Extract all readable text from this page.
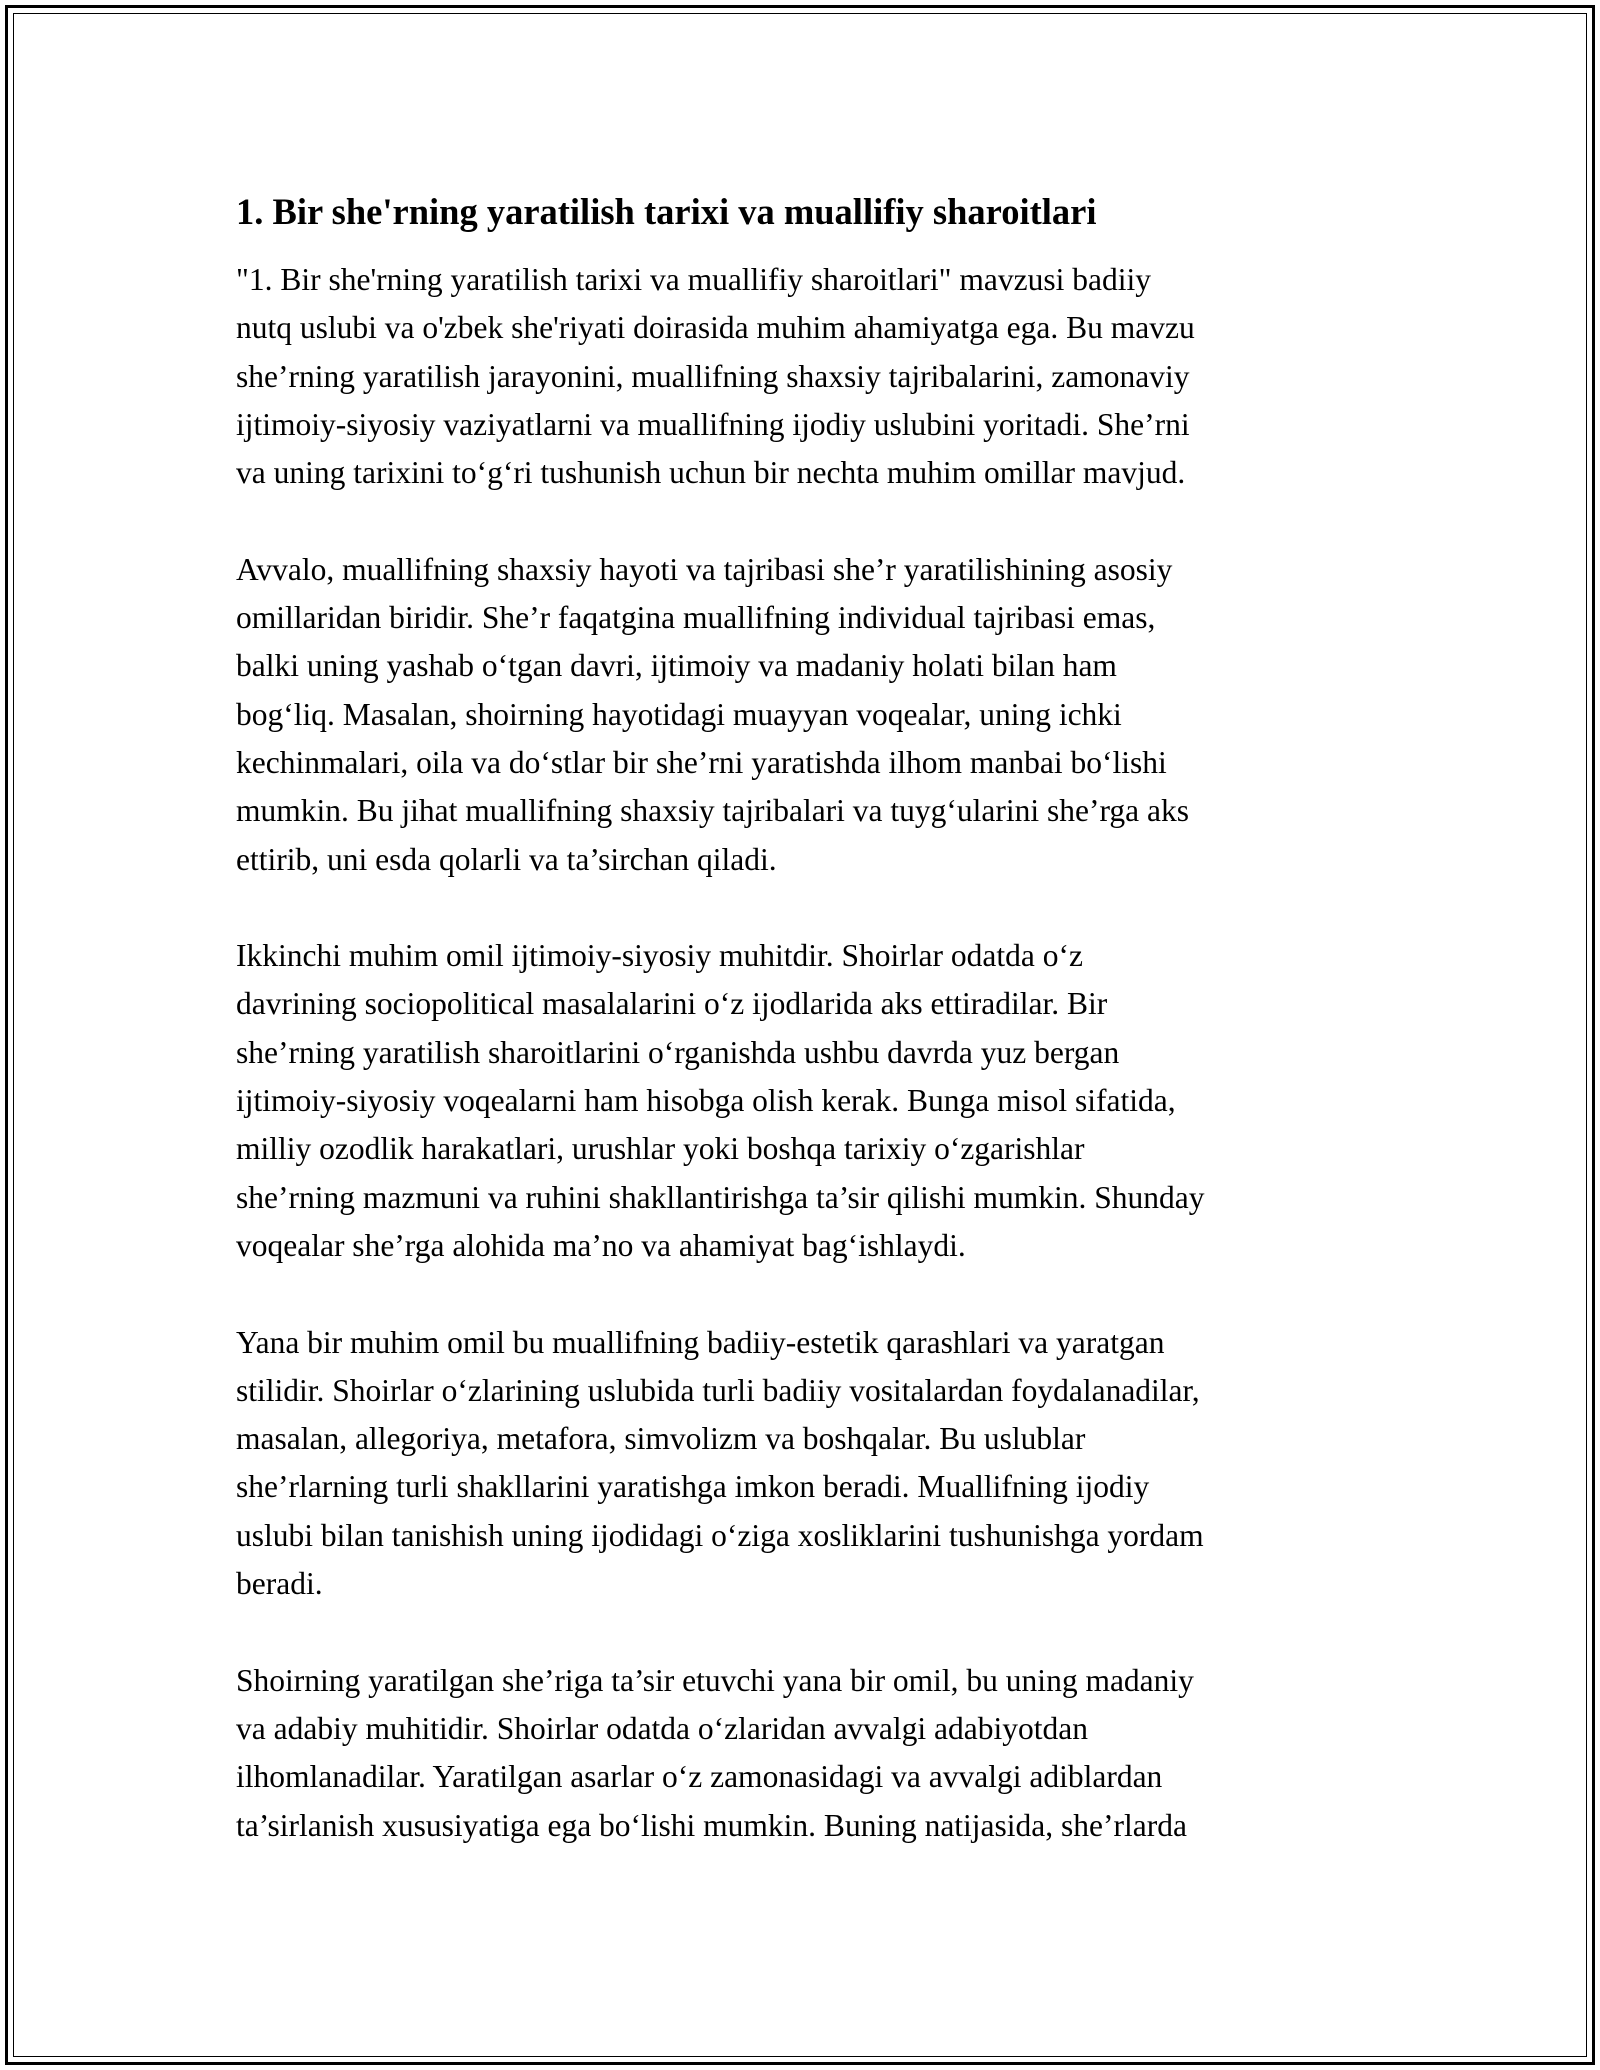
1. Bir she'rning yaratilish tarixi va muallifiy sharoitlari

"1. Bir she'rning yaratilish tarixi va muallifiy sharoitlari" mavzusi badiiy
nutq uslubi va o'zbek she'riyati doirasida muhim ahamiyatga ega. Bu mavzu
she’rning yaratilish jarayonini, muallifning shaxsiy tajribalarini, zamonaviy
ijtimoiy-siyosiy vaziyatlarni va muallifning ijodiy uslubini yoritadi. She’rni
va uning tarixini to‘g‘ri tushunish uchun bir nechta muhim omillar mavjud.

Avvalo, muallifning shaxsiy hayoti va tajribasi she’r yaratilishining asosiy
omillaridan biridir. She’r faqatgina muallifning individual tajribasi emas,
balki uning yashab o‘tgan davri, ijtimoiy va madaniy holati bilan ham
bog‘liq. Masalan, shoirning hayotidagi muayyan voqealar, uning ichki
kechinmalari, oila va do‘stlar bir she’rni yaratishda ilhom manbai bo‘lishi
mumkin. Bu jihat muallifning shaxsiy tajribalari va tuyg‘ularini she’rga aks
ettirib, uni esda qolarli va ta’sirchan qiladi.

Ikkinchi muhim omil ijtimoiy-siyosiy muhitdir. Shoirlar odatda o‘z
davrining sociopolitical masalalarini o‘z ijodlarida aks ettiradilar. Bir
she’rning yaratilish sharoitlarini o‘rganishda ushbu davrda yuz bergan
ijtimoiy-siyosiy voqealarni ham hisobga olish kerak. Bunga misol sifatida,
milliy ozodlik harakatlari, urushlar yoki boshqa tarixiy o‘zgarishlar
she’rning mazmuni va ruhini shakllantirishga ta’sir qilishi mumkin. Shunday
voqealar she’rga alohida ma’no va ahamiyat bag‘ishlaydi.

Yana bir muhim omil bu muallifning badiiy-estetik qarashlari va yaratgan
stilidir. Shoirlar o‘zlarining uslubida turli badiiy vositalardan foydalanadilar,
masalan, allegoriya, metafora, simvolizm va boshqalar. Bu uslublar
she’rlarning turli shakllarini yaratishga imkon beradi. Muallifning ijodiy
uslubi bilan tanishish uning ijodidagi o‘ziga xosliklarini tushunishga yordam
beradi.

Shoirning yaratilgan she’riga ta’sir etuvchi yana bir omil, bu uning madaniy
va adabiy muhitidir. Shoirlar odatda o‘zlaridan avvalgi adabiyotdan
ilhomlanadilar. Yaratilgan asarlar o‘z zamonasidagi va avvalgi adiblardan
ta’sirlanish xususiyatiga ega bo‘lishi mumkin. Buning natijasida, she’rlarda
